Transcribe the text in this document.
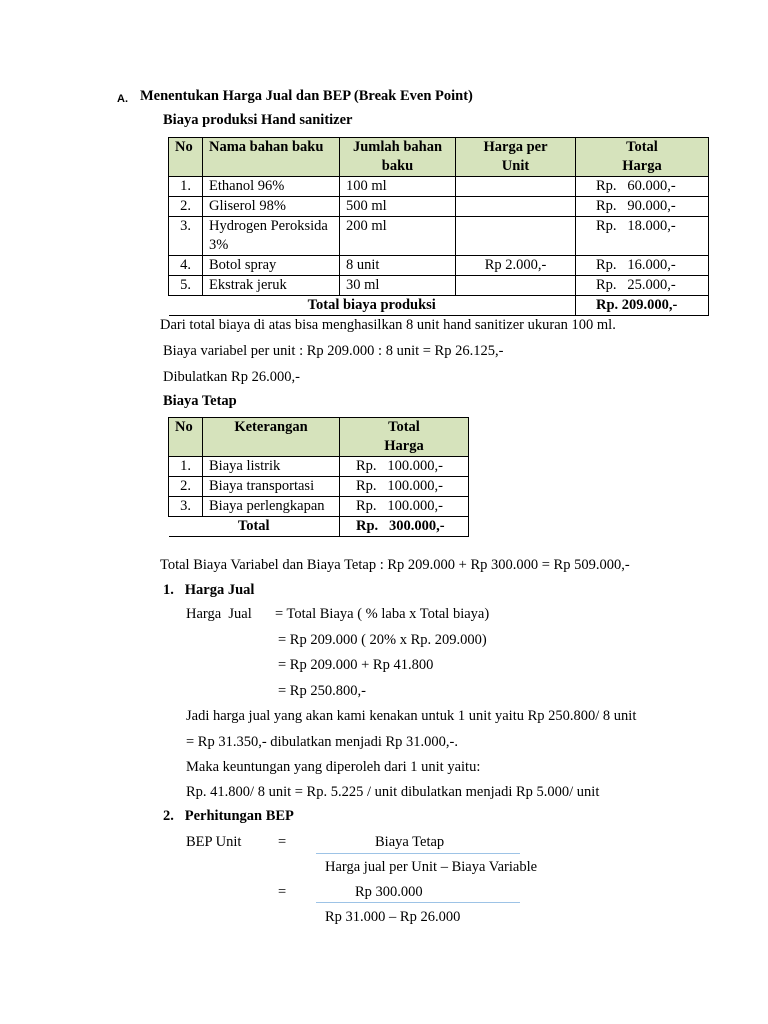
A. Menentukan Harga Jual dan BEP (Break Even Point)
Biaya produksi Hand sanitizer
No	Nama bahan baku	Jumlah bahan baku	Harga per Unit	Total Harga
1.	Ethanol 96%	100 ml		Rp.   60.000,-
2.	Gliserol 98%	500 ml		Rp.   90.000,-
3.	Hydrogen Peroksida 3%	200 ml		Rp.   18.000,-
4.	Botol spray	8 unit	Rp 2.000,-	Rp.   16.000,-
5.	Ekstrak jeruk	30 ml		Rp.   25.000,-
Total biaya produksi				Rp. 209.000,-
Dari total biaya di atas bisa menghasilkan 8 unit hand sanitizer ukuran 100 ml.
Biaya variabel per unit : Rp 209.000 : 8 unit = Rp 26.125,-
Dibulatkan Rp 26.000,-
Biaya Tetap
No	Keterangan	Total Harga
1.	Biaya listrik	Rp.   100.000,-
2.	Biaya transportasi	Rp.   100.000,-
3.	Biaya perlengkapan	Rp.   100.000,-
Total		Rp.   300.000,-
Total Biaya Variabel dan Biaya Tetap : Rp 209.000 + Rp 300.000 = Rp 509.000,-
1.   Harga Jual
Harga  Jual = Total Biaya ( % laba x Total biaya)
= Rp 209.000 ( 20% x Rp. 209.000)
= Rp 209.000 + Rp 41.800
= Rp 250.800,-
Jadi harga jual yang akan kami kenakan untuk 1 unit yaitu Rp 250.800/ 8 unit
= Rp 31.350,- dibulatkan menjadi Rp 31.000,-.
Maka keuntungan yang diperoleh dari 1 unit yaitu:
Rp. 41.800/ 8 unit = Rp. 5.225 / unit dibulatkan menjadi Rp 5.000/ unit
2.   Perhitungan BEP
BEP Unit	=	Biaya Tetap
Harga jual per Unit – Biaya Variable
=	Rp 300.000
Rp 31.000 – Rp 26.000
